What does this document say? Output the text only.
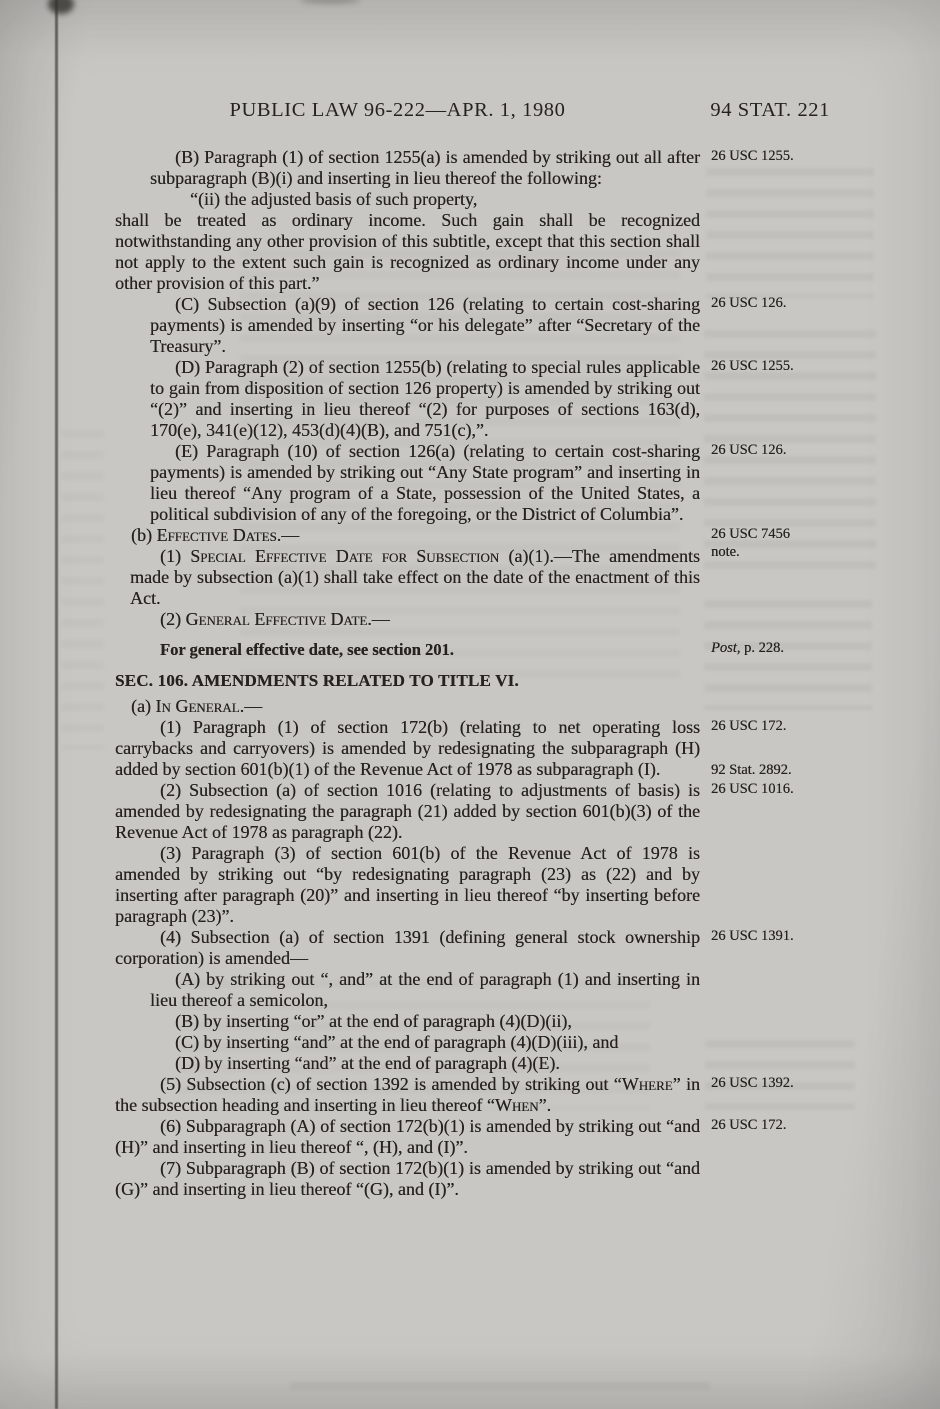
PUBLIC LAW 96-222—APR. 1, 1980	94 STAT. 221

(B) Paragraph (1) of section 1255(a) is amended by striking out all after subparagraph (B)(i) and inserting in lieu thereof the following:

26 USC 1255.

“(ii) the adjusted basis of such property,

shall be treated as ordinary income. Such gain shall be recognized notwithstanding any other provision of this subtitle, except that this section shall not apply to the extent such gain is recognized as ordinary income under any other provision of this part.”

(C) Subsection (a)(9) of section 126 (relating to certain cost-sharing payments) is amended by inserting “or his delegate” after “Secretary of the Treasury”.

26 USC 126.

(D) Paragraph (2) of section 1255(b) (relating to special rules applicable to gain from disposition of section 126 property) is amended by striking out “(2)” and inserting in lieu thereof “(2) for purposes of sections 163(d), 170(e), 341(e)(12), 453(d)(4)(B), and 751(c),”.

26 USC 1255.

(E) Paragraph (10) of section 126(a) (relating to certain cost-sharing payments) is amended by striking out “Any State program” and inserting in lieu thereof “Any program of a State, possession of the United States, a political subdivision of any of the foregoing, or the District of Columbia”.

26 USC 126.

(b) Effective Dates.—	26 USC 7456 note.

(1) Special Effective Date for Subsection (a)(1).—The amendments made by subsection (a)(1) shall take effect on the date of the enactment of this Act.

(2) General Effective Date.—

For general effective date, see section 201.	Post, p. 228.

SEC. 106. AMENDMENTS RELATED TO TITLE VI.

(a) In General.—

(1) Paragraph (1) of section 172(b) (relating to net operating loss carrybacks and carryovers) is amended by redesignating the subparagraph (H) added by section 601(b)(1) of the Revenue Act of 1978 as subparagraph (I).

26 USC 172.
92 Stat. 2892.

(2) Subsection (a) of section 1016 (relating to adjustments of basis) is amended by redesignating the paragraph (21) added by section 601(b)(3) of the Revenue Act of 1978 as paragraph (22).

26 USC 1016.

(3) Paragraph (3) of section 601(b) of the Revenue Act of 1978 is amended by striking out “by redesignating paragraph (23) as (22) and by inserting after paragraph (20)” and inserting in lieu thereof “by inserting before paragraph (23)”.

(4) Subsection (a) of section 1391 (defining general stock ownership corporation) is amended—

26 USC 1391.

(A) by striking out “, and” at the end of paragraph (1) and inserting in lieu thereof a semicolon,

(B) by inserting “or” at the end of paragraph (4)(D)(ii),

(C) by inserting “and” at the end of paragraph (4)(D)(iii), and

(D) by inserting “and” at the end of paragraph (4)(E).

(5) Subsection (c) of section 1392 is amended by striking out “Where” in the subsection heading and inserting in lieu thereof “When”.

26 USC 1392.

(6) Subparagraph (A) of section 172(b)(1) is amended by striking out “and (H)” and inserting in lieu thereof “, (H), and (I)”.

26 USC 172.

(7) Subparagraph (B) of section 172(b)(1) is amended by striking out “and (G)” and inserting in lieu thereof “(G), and (I)”.
